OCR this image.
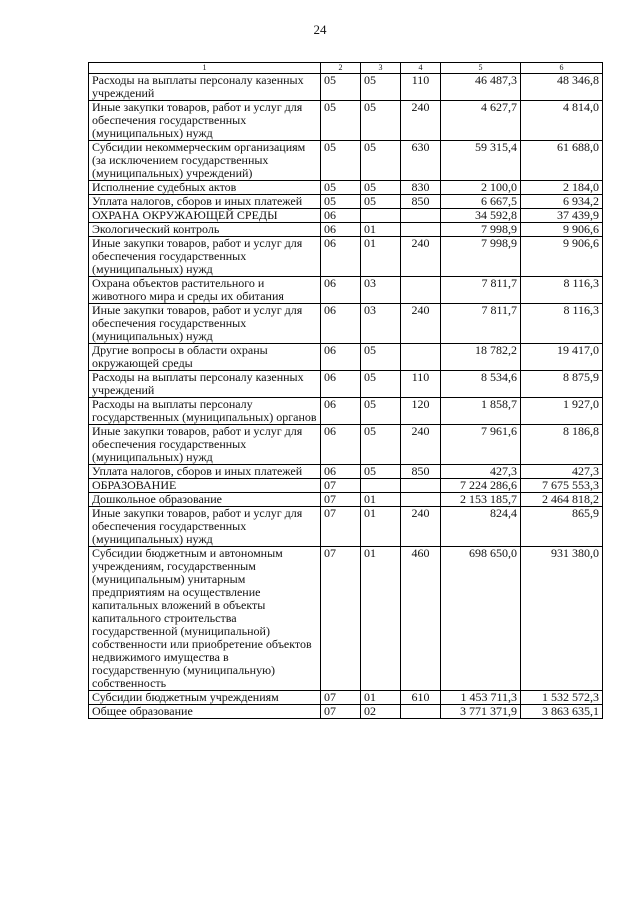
24
1	2	3	4	5	6
Расходы на выплаты персоналу казенных учреждений	05	05	110	46 487,3	48 346,8
Иные закупки товаров, работ и услуг для обеспечения государственных (муниципальных) нужд	05	05	240	4 627,7	4 814,0
Субсидии некоммерческим организациям (за исключением государственных (муниципальных) учреждений)	05	05	630	59 315,4	61 688,0
Исполнение судебных актов	05	05	830	2 100,0	2 184,0
Уплата налогов, сборов и иных платежей	05	05	850	6 667,5	6 934,2
ОХРАНА ОКРУЖАЮЩЕЙ СРЕДЫ	06			34 592,8	37 439,9
Экологический контроль	06	01		7 998,9	9 906,6
Иные закупки товаров, работ и услуг для обеспечения государственных (муниципальных) нужд	06	01	240	7 998,9	9 906,6
Охрана объектов растительного и животного мира и среды их обитания	06	03		7 811,7	8 116,3
Иные закупки товаров, работ и услуг для обеспечения государственных (муниципальных) нужд	06	03	240	7 811,7	8 116,3
Другие вопросы в области охраны окружающей среды	06	05		18 782,2	19 417,0
Расходы на выплаты персоналу казенных учреждений	06	05	110	8 534,6	8 875,9
Расходы на выплаты персоналу государственных (муниципальных) органов	06	05	120	1 858,7	1 927,0
Иные закупки товаров, работ и услуг для обеспечения государственных (муниципальных) нужд	06	05	240	7 961,6	8 186,8
Уплата налогов, сборов и иных платежей	06	05	850	427,3	427,3
ОБРАЗОВАНИЕ	07			7 224 286,6	7 675 553,3
Дошкольное образование	07	01		2 153 185,7	2 464 818,2
Иные закупки товаров, работ и услуг для обеспечения государственных (муниципальных) нужд	07	01	240	824,4	865,9
Субсидии бюджетным и автономным учреждениям, государственным (муниципальным) унитарным предприятиям на осуществление капитальных вложений в объекты капитального строительства государственной (муниципальной) собственности или приобретение объектов недвижимого имущества в государственную (муниципальную) собственность	07	01	460	698 650,0	931 380,0
Субсидии бюджетным учреждениям	07	01	610	1 453 711,3	1 532 572,3
Общее образование	07	02		3 771 371,9	3 863 635,1
